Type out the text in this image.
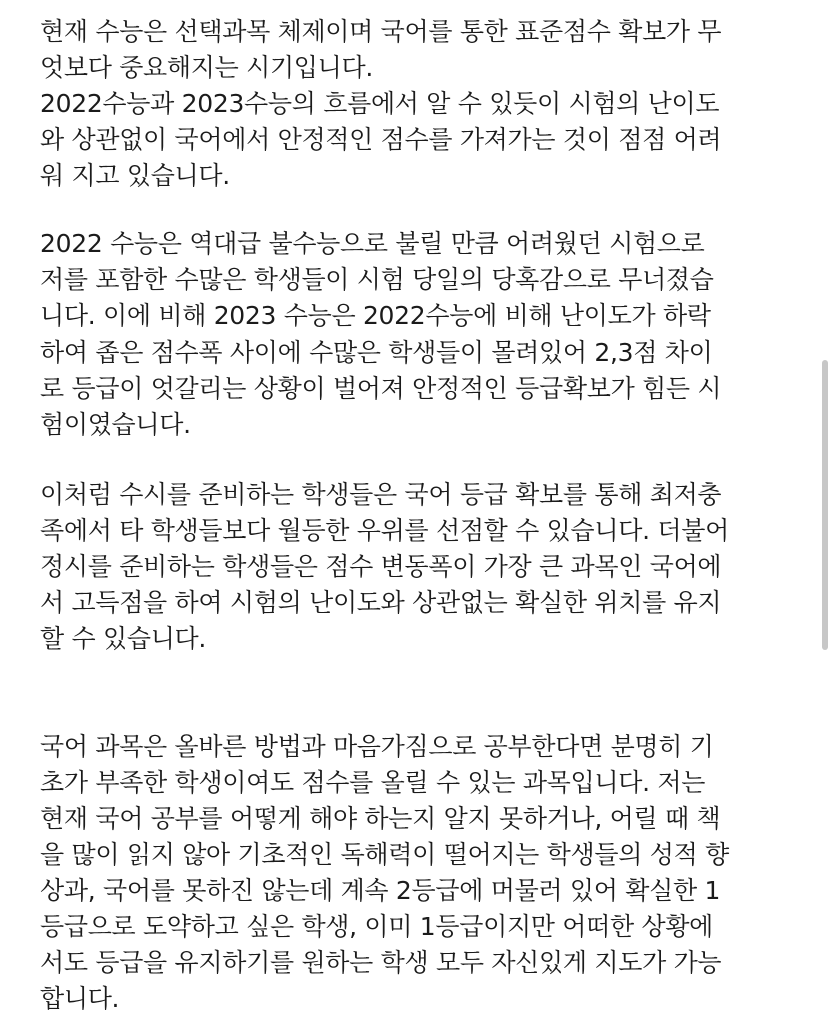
현재 수능은 선택과목 체제이며 국어를 통한 표준점수 확보가 무
엇보다 중요해지는 시기입니다.
2022수능과 2023수능의 흐름에서 알 수 있듯이 시험의 난이도
와 상관없이 국어에서 안정적인 점수를 가져가는 것이 점점 어려
워 지고 있습니다.
2022 수능은 역대급 불수능으로 불릴 만큼 어려웠던 시험으로
저를 포함한 수많은 학생들이 시험 당일의 당혹감으로 무너졌습
니다. 이에 비해 2023 수능은 2022수능에 비해 난이도가 하락
하여 좁은 점수폭 사이에 수많은 학생들이 몰려있어 2,3점 차이
로 등급이 엇갈리는 상황이 벌어져 안정적인 등급확보가 힘든 시
험이였습니다.
이처럼 수시를 준비하는 학생들은 국어 등급 확보를 통해 최저충
족에서 타 학생들보다 월등한 우위를 선점할 수 있습니다. 더불어
정시를 준비하는 학생들은 점수 변동폭이 가장 큰 과목인 국어에
서 고득점을 하여 시험의 난이도와 상관없는 확실한 위치를 유지
할 수 있습니다.
국어 과목은 올바른 방법과 마음가짐으로 공부한다면 분명히 기
초가 부족한 학생이여도 점수를 올릴 수 있는 과목입니다. 저는
현재 국어 공부를 어떻게 해야 하는지 알지 못하거나, 어릴 때 책
을 많이 읽지 않아 기초적인 독해력이 떨어지는 학생들의 성적 향
상과, 국어를 못하진 않는데 계속 2등급에 머물러 있어 확실한 1
등급으로 도약하고 싶은 학생, 이미 1등급이지만 어떠한 상황에
서도 등급을 유지하기를 원하는 학생 모두 자신있게 지도가 가능
합니다.
